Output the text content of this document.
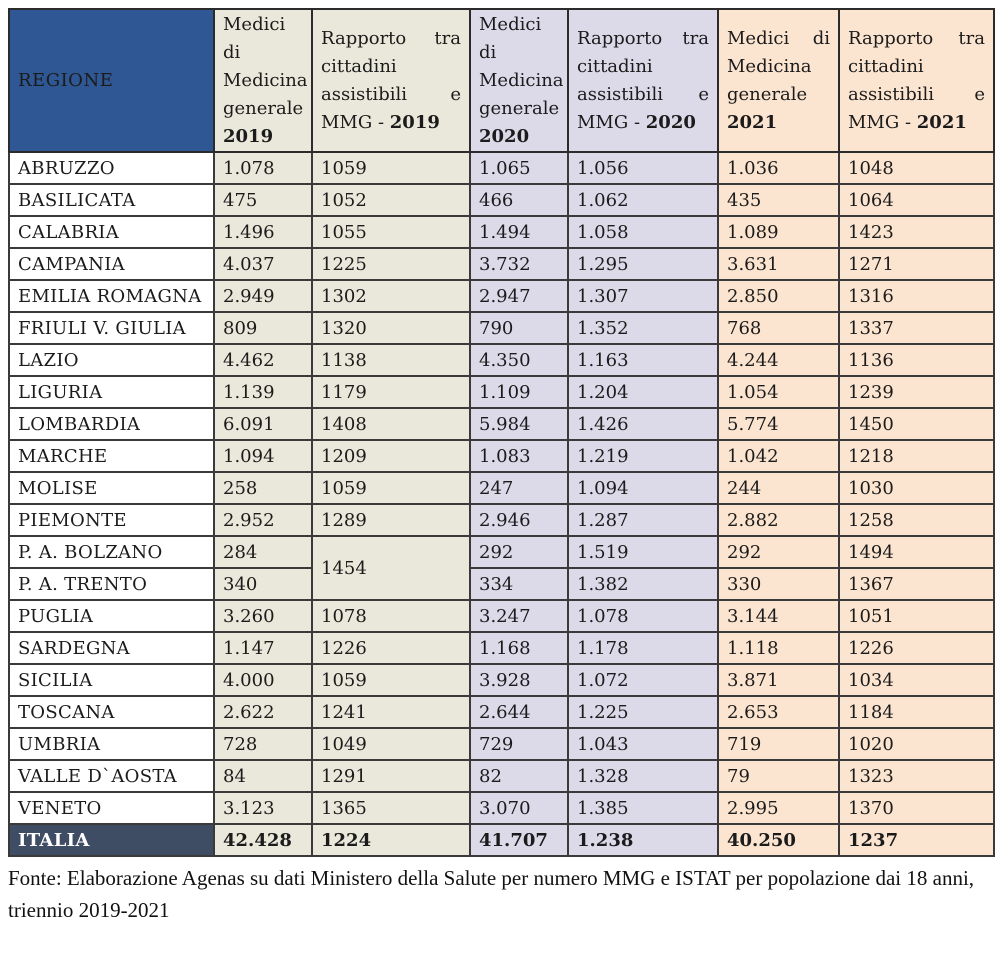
REGIONE	Medici di Medicina generale 2019	Rapporto tra cittadini assistibili e MMG - 2019	Medici di Medicina generale 2020	Rapporto tra cittadini assistibili e MMG - 2020	Medici di Medicina generale 2021	Rapporto tra cittadini assistibili e MMG - 2021
ABRUZZO	1.078	1059	1.065	1.056	1.036	1048
BASILICATA	475	1052	466	1.062	435	1064
CALABRIA	1.496	1055	1.494	1.058	1.089	1423
CAMPANIA	4.037	1225	3.732	1.295	3.631	1271
EMILIA ROMAGNA	2.949	1302	2.947	1.307	2.850	1316
FRIULI V. GIULIA	809	1320	790	1.352	768	1337
LAZIO	4.462	1138	4.350	1.163	4.244	1136
LIGURIA	1.139	1179	1.109	1.204	1.054	1239
LOMBARDIA	6.091	1408	5.984	1.426	5.774	1450
MARCHE	1.094	1209	1.083	1.219	1.042	1218
MOLISE	258	1059	247	1.094	244	1030
PIEMONTE	2.952	1289	2.946	1.287	2.882	1258
P. A. BOLZANO	284	1454	292	1.519	292	1494
P. A. TRENTO	340		334	1.382	330	1367
PUGLIA	3.260	1078	3.247	1.078	3.144	1051
SARDEGNA	1.147	1226	1.168	1.178	1.118	1226
SICILIA	4.000	1059	3.928	1.072	3.871	1034
TOSCANA	2.622	1241	2.644	1.225	2.653	1184
UMBRIA	728	1049	729	1.043	719	1020
VALLE D`AOSTA	84	1291	82	1.328	79	1323
VENETO	3.123	1365	3.070	1.385	2.995	1370
ITALIA	42.428	1224	41.707	1.238	40.250	1237
Fonte: Elaborazione Agenas su dati Ministero della Salute per numero MMG e ISTAT per popolazione dai 18 anni, triennio 2019-2021
